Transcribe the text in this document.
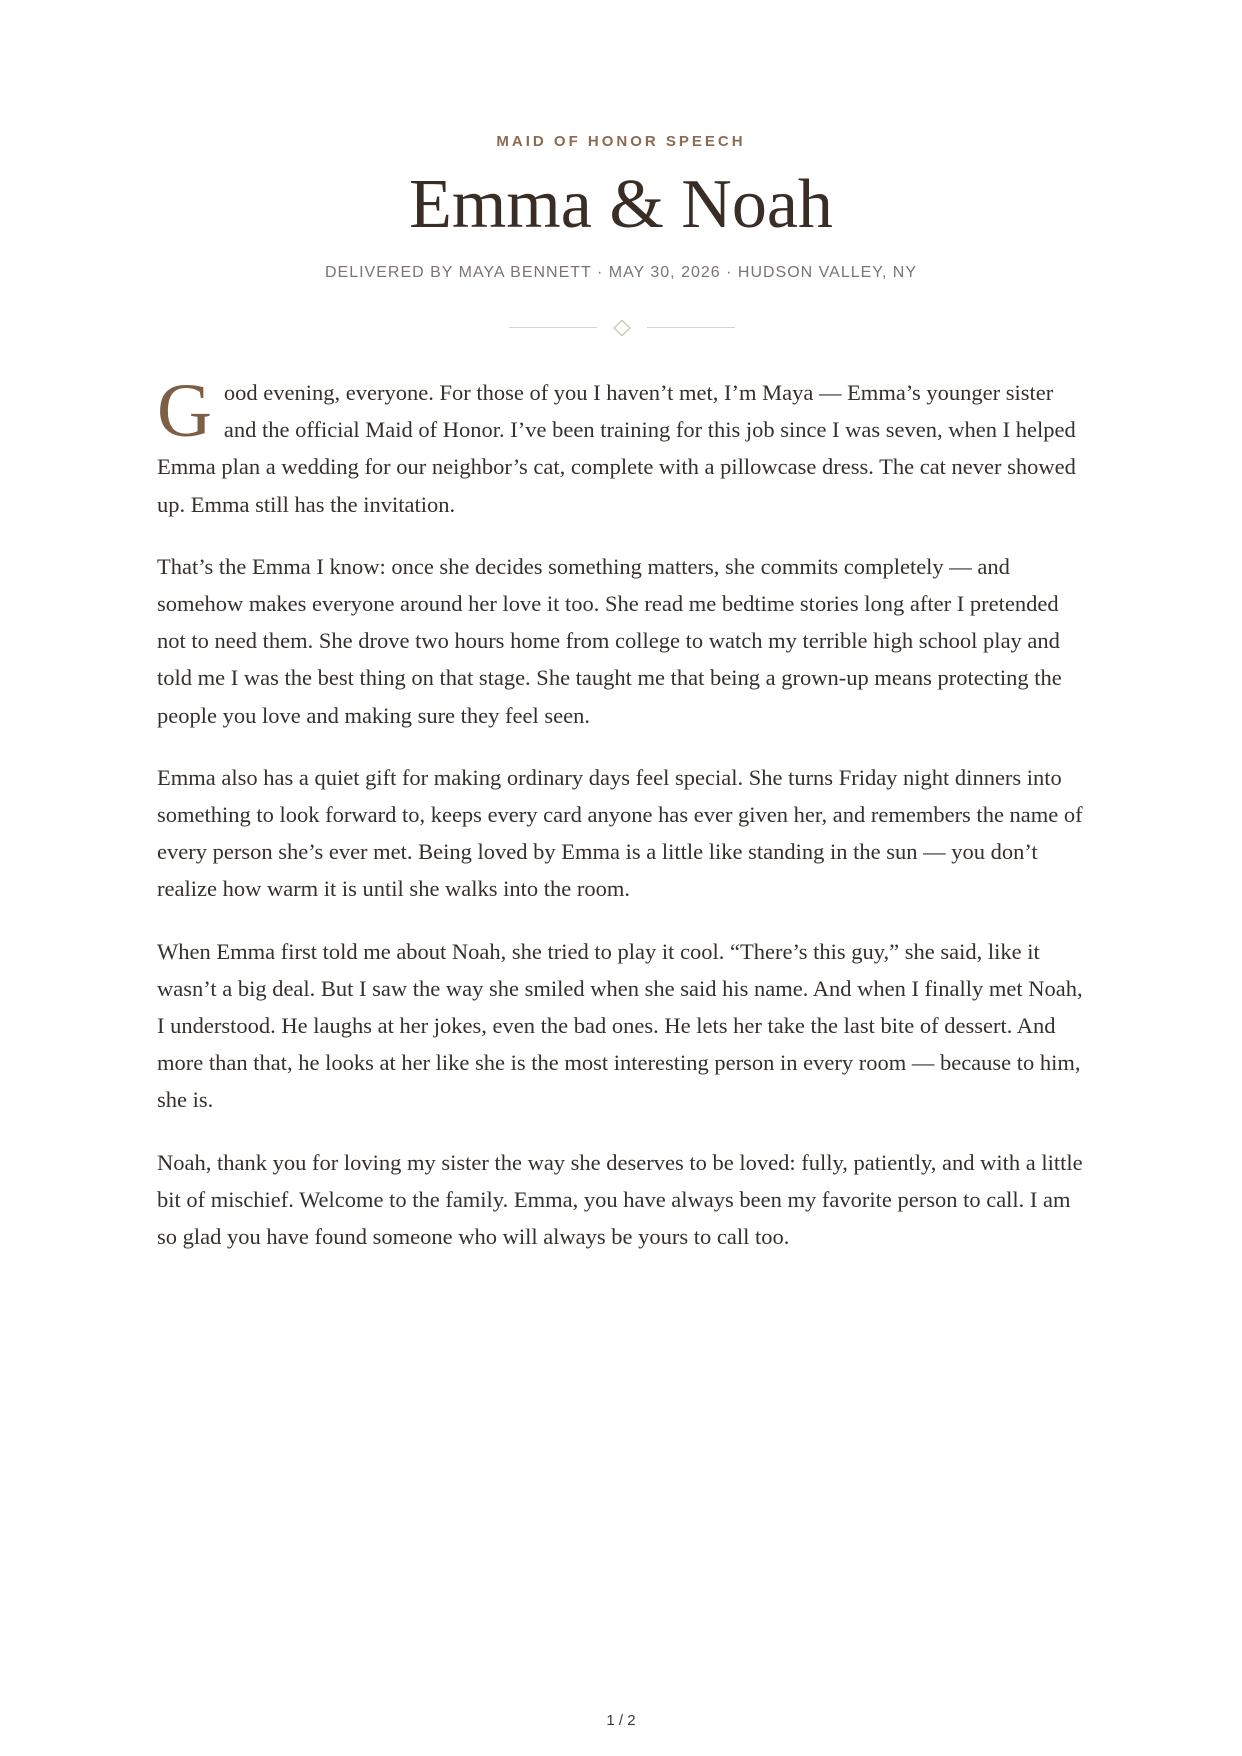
MAID OF HONOR SPEECH
Emma & Noah
DELIVERED BY MAYA BENNETT · MAY 30, 2026 · HUDSON VALLEY, NY

Good evening, everyone. For those of you I haven’t met, I’m Maya — Emma’s younger sister and the official Maid of Honor. I’ve been training for this job since I was seven, when I helped Emma plan a wedding for our neighbor’s cat, complete with a pillowcase dress. The cat never showed up. Emma still has the invitation.

That’s the Emma I know: once she decides something matters, she commits completely — and somehow makes everyone around her love it too. She read me bedtime stories long after I pretended not to need them. She drove two hours home from college to watch my terrible high school play and told me I was the best thing on that stage. She taught me that being a grown-up means protecting the people you love and making sure they feel seen.

Emma also has a quiet gift for making ordinary days feel special. She turns Friday night dinners into something to look forward to, keeps every card anyone has ever given her, and remembers the name of every person she’s ever met. Being loved by Emma is a little like standing in the sun — you don’t realize how warm it is until she walks into the room.

When Emma first told me about Noah, she tried to play it cool. “There’s this guy,” she said, like it wasn’t a big deal. But I saw the way she smiled when she said his name. And when I finally met Noah, I understood. He laughs at her jokes, even the bad ones. He lets her take the last bite of dessert. And more than that, he looks at her like she is the most interesting person in every room — because to him, she is.

Noah, thank you for loving my sister the way she deserves to be loved: fully, patiently, and with a little bit of mischief. Welcome to the family. Emma, you have always been my favorite person to call. I am so glad you have found someone who will always be yours to call too.

1 / 2
